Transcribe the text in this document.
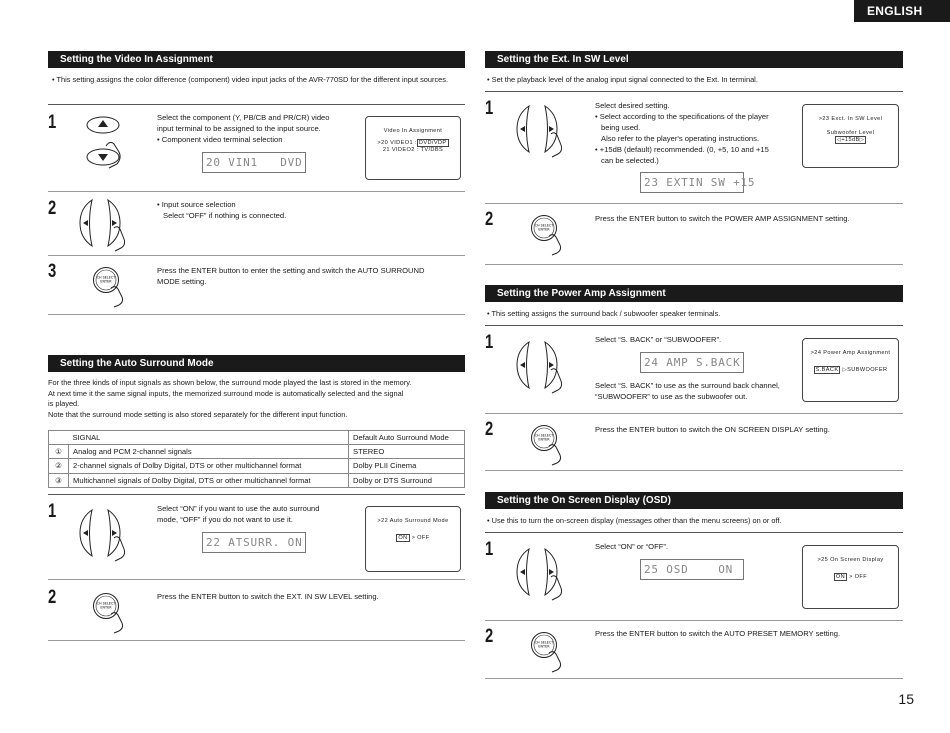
ENGLISH
Setting the Video In Assignment
• This setting assigns the color difference (component) video input jacks of the AVR-770SD for the different input sources.
1	Select the component (Y, PB/CB and PR/CR) video

input terminal to be assigned to the input source.

• Component video terminal selection

20 VIN1   DVD
Video In Assignment
>20 VIDEO1 : DVD/VDP
21 VIDEO2 : TV/DBS
2	• Input source selection

Select “OFF” if nothing is connected.

3	Press the ENTER button to enter the setting and switch the AUTO SURROUND

MODE setting.

Setting the Auto Surround Mode
For the three kinds of input signals as shown below, the surround mode played the last is stored in the memory.
At next time it the same signal inputs, the memorized surround mode is automatically selected and the signal
is played.
Note that the surround mode setting is also stored separately for the different input function.
	SIGNAL	Default Auto Surround Mode
①	Analog and PCM 2-channel signals	STEREO
②	2-channel signals of Dolby Digital, DTS or other multichannel format	Dolby PLII Cinema
③	Multichannel signals of Dolby Digital, DTS or other multichannel format	Dolby or DTS Surround
1	Select “ON” if you want to use the auto surround

mode, “OFF” if you do not want to use it.

22 ATSURR. ON
>22 Auto Surround Mode
ON > OFF
2	Press the ENTER button to switch the EXT. IN SW LEVEL setting.

Setting the Ext. In SW Level
• Set the playback level of the analog input signal connected to the Ext. In terminal.
1	Select desired setting.

• Select according to the specifications of the player

being used.

Also refer to the player's operating instructions.

• +15dB (default) recommended. (0, +5, 10 and +15

can be selected.)

23 EXTIN SW +15
>23 Exct. In SW Level
Subwoofer Level
◁+15dB▷
2	Press the ENTER button to switch the POWER AMP ASSIGNMENT setting.

Setting the Power Amp Assignment
• This setting assigns the surround back / subwoofer speaker terminals.
1	Select “S. BACK” or “SUBWOOFER”.

24 AMP S.BACK

Select “S. BACK” to use as the surround back channel,

“SUBWOOFER” to use as the subwoofer out.

>24 Power Amp Assignment
S.BACK ▷SUBWOOFER
2	Press the ENTER button to switch the ON SCREEN DISPLAY setting.

Setting the On Screen Display (OSD)
• Use this to turn the on-screen display (messages other than the menu screens) on or off.
1	Select “ON” or “OFF”.

25 OSD    ON
>25 On Screen Display
ON > OFF
2	Press the ENTER button to switch the AUTO PRESET MEMORY setting.

15
